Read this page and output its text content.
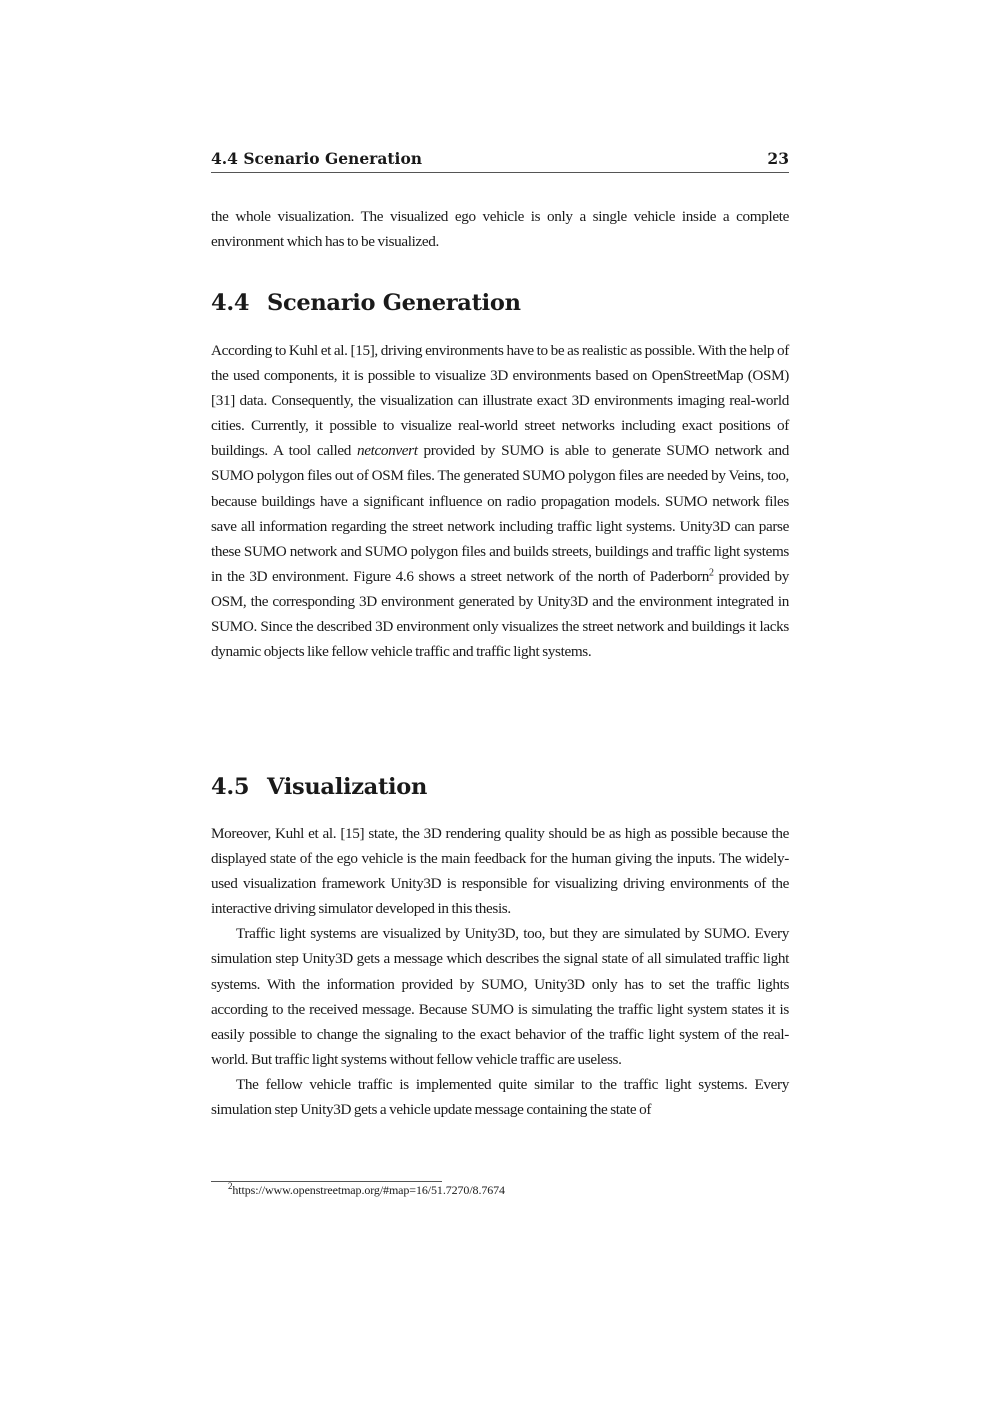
4.4 Scenario Generation	23

the whole visualization. The visualized ego vehicle is only a single vehicle inside a complete environment which has to be visualized.

4.4 Scenario Generation

According to Kuhl et al. [15], driving environments have to be as realistic as possible. With the help of the used components, it is possible to visualize 3D environments based on OpenStreetMap (OSM) [31] data. Consequently, the visualization can illustrate exact 3D environments imaging real-world cities. Currently, it possible to visualize real-world street networks including exact positions of buildings. A tool called netconvert provided by SUMO is able to generate SUMO network and SUMO polygon files out of OSM files. The generated SUMO polygon files are needed by Veins, too, because buildings have a significant influence on radio propagation models. SUMO network files save all information regarding the street network including traffic light systems. Unity3D can parse these SUMO network and SUMO polygon files and builds streets, buildings and traffic light systems in the 3D environment. Figure 4.6 shows a street network of the north of Paderborn$^2$ provided by OSM, the corresponding 3D environment generated by Unity3D and the environment integrated in SUMO. Since the described 3D environment only visualizes the street network and buildings it lacks dynamic objects like fellow vehicle traffic and traffic light systems.

4.5 Visualization

Moreover, Kuhl et al. [15] state, the 3D rendering quality should be as high as possible because the displayed state of the ego vehicle is the main feedback for the human giving the inputs. The widely-used visualization framework Unity3D is responsible for visualizing driving environments of the interactive driving simulator developed in this thesis.

Traffic light systems are visualized by Unity3D, too, but they are simulated by SUMO. Every simulation step Unity3D gets a message which describes the signal state of all simulated traffic light systems. With the information provided by SUMO, Unity3D only has to set the traffic lights according to the received message. Because SUMO is simulating the traffic light system states it is easily possible to change the signaling to the exact behavior of the traffic light system of the real-world. But traffic light systems without fellow vehicle traffic are useless.

The fellow vehicle traffic is implemented quite similar to the traffic light systems. Every simulation step Unity3D gets a vehicle update message containing the state of

$^2$https://www.openstreetmap.org/#map=16/51.7270/8.7674
